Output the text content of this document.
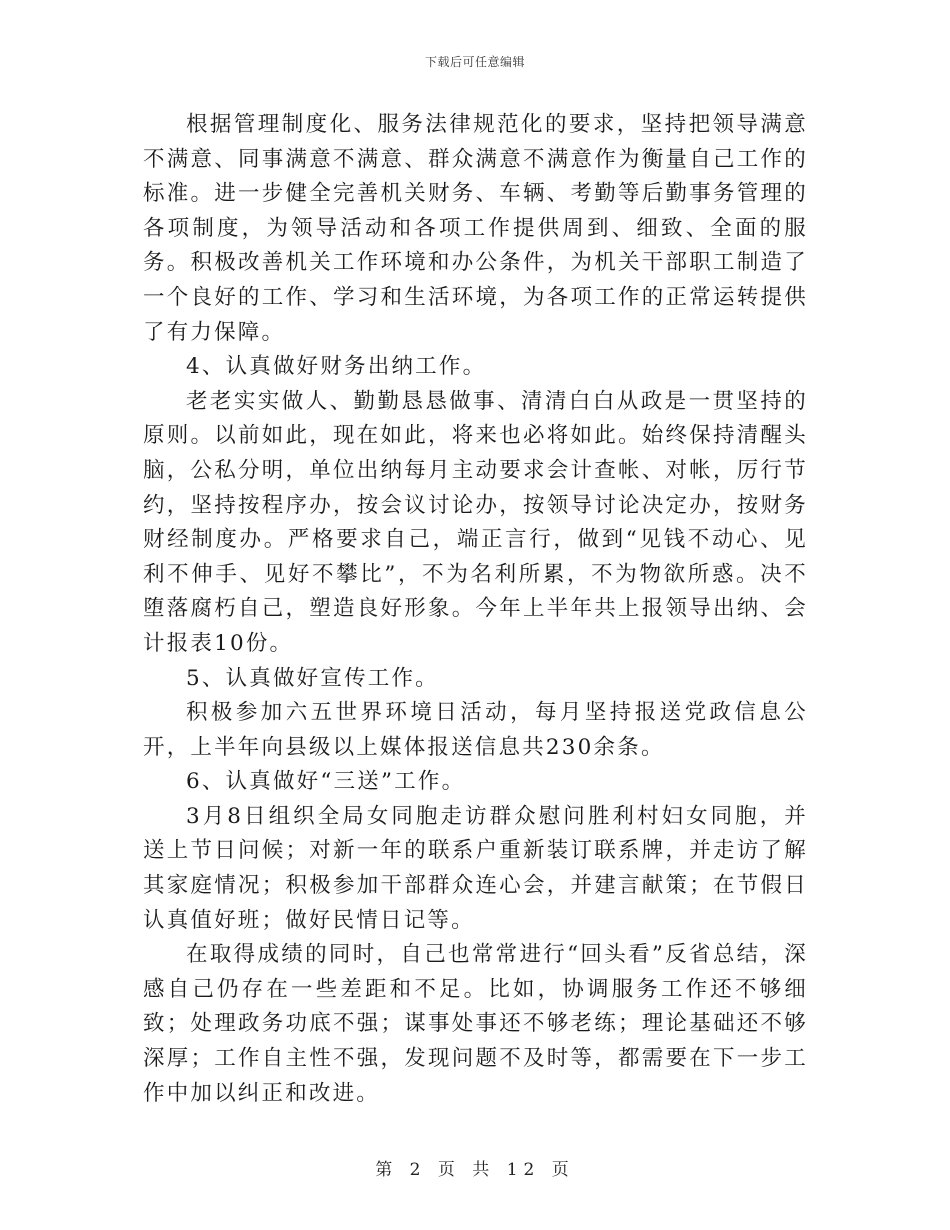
下载后可任意编辑

根据管理制度化、服务法律规范化的要求，坚持把领导满意不满意、同事满意不满意、群众满意不满意作为衡量自己工作的标准。进一步健全完善机关财务、车辆、考勤等后勤事务管理的各项制度，为领导活动和各项工作提供周到、细致、全面的服务。积极改善机关工作环境和办公条件，为机关干部职工制造了一个良好的工作、学习和生活环境，为各项工作的正常运转提供了有力保障。

4、认真做好财务出纳工作。

老老实实做人、勤勤恳恳做事、清清白白从政是一贯坚持的原则。以前如此，现在如此，将来也必将如此。始终保持清醒头脑，公私分明，单位出纳每月主动要求会计查帐、对帐，厉行节约，坚持按程序办，按会议讨论办，按领导讨论决定办，按财务财经制度办。严格要求自己，端正言行，做到“见钱不动心、见利不伸手、见好不攀比”，不为名利所累，不为物欲所惑。决不堕落腐朽自己，塑造良好形象。今年上半年共上报领导出纳、会计报表10份。

5、认真做好宣传工作。

积极参加六五世界环境日活动，每月坚持报送党政信息公开，上半年向县级以上媒体报送信息共230余条。

6、认真做好“三送”工作。

3月8日组织全局女同胞走访群众慰问胜利村妇女同胞，并送上节日问候；对新一年的联系户重新装订联系牌，并走访了解其家庭情况；积极参加干部群众连心会，并建言献策；在节假日认真值好班；做好民情日记等。

在取得成绩的同时，自己也常常进行“回头看”反省总结，深感自己仍存在一些差距和不足。比如，协调服务工作还不够细致；处理政务功底不强；谋事处事还不够老练；理论基础还不够深厚；工作自主性不强，发现问题不及时等，都需要在下一步工作中加以纠正和改进。

第 2 页 共 12 页
